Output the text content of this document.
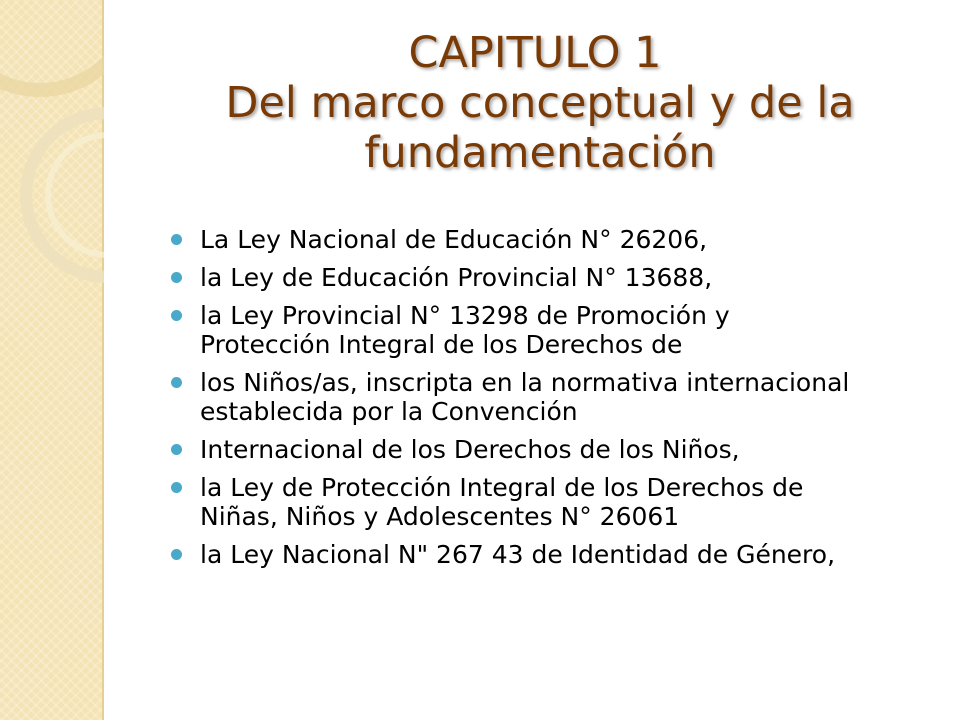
CAPITULO 1
Del marco conceptual y de la
fundamentación
La Ley Nacional de Educación N° 26206,
la Ley de Educación Provincial N° 13688,
la Ley Provincial N° 13298 de Promoción y
Protección Integral de los Derechos de
los Niños/as, inscripta en la normativa internacional
establecida por la Convención
Internacional de los Derechos de los Niños,
la Ley de Protección Integral de los Derechos de
Niñas, Niños y Adolescentes N° 26061
la Ley Nacional N" 267 43 de Identidad de Género,
